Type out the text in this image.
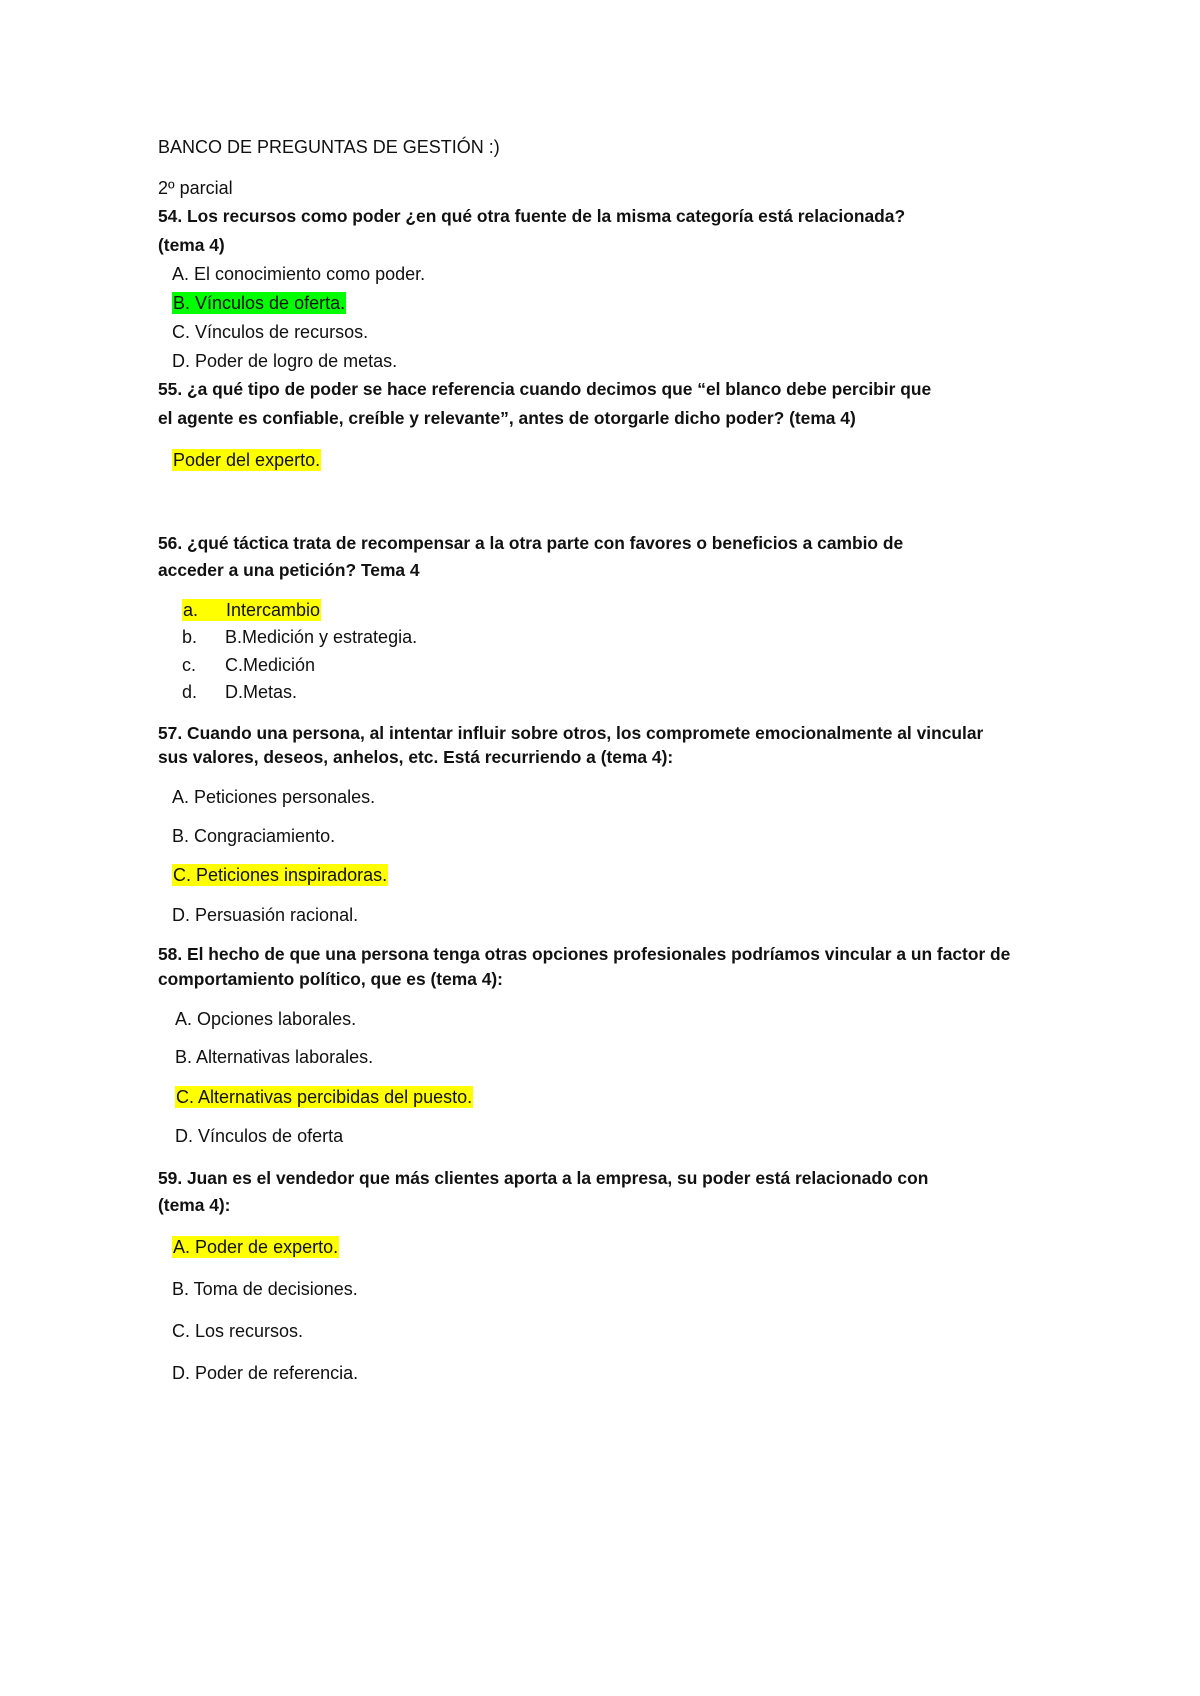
BANCO DE PREGUNTAS DE GESTIÓN :)
2º parcial
54. Los recursos como poder ¿en qué otra fuente de la misma categoría está relacionada?
(tema 4)
A. El conocimiento como poder.
B. Vínculos de oferta.
C. Vínculos de recursos.
D. Poder de logro de metas.
55. ¿a qué tipo de poder se hace referencia cuando decimos que “el blanco debe percibir que
el agente es confiable, creíble y relevante”, antes de otorgarle dicho poder? (tema 4)
Poder del experto.
56. ¿qué táctica trata de recompensar a la otra parte con favores o beneficios a cambio de
acceder a una petición? Tema 4
a. Intercambio
b. B.Medición y estrategia.
c. C.Medición
d. D.Metas.
57. Cuando una persona, al intentar influir sobre otros, los compromete emocionalmente al vincular
sus valores, deseos, anhelos, etc. Está recurriendo a (tema 4):
A. Peticiones personales.
B. Congraciamiento.
C. Peticiones inspiradoras.
D. Persuasión racional.
58. El hecho de que una persona tenga otras opciones profesionales podríamos vincular a un factor de
comportamiento político, que es (tema 4):
A. Opciones laborales.
B. Alternativas laborales.
C. Alternativas percibidas del puesto.
D. Vínculos de oferta
59. Juan es el vendedor que más clientes aporta a la empresa, su poder está relacionado con
(tema 4):
A. Poder de experto.
B. Toma de decisiones.
C. Los recursos.
D. Poder de referencia.
